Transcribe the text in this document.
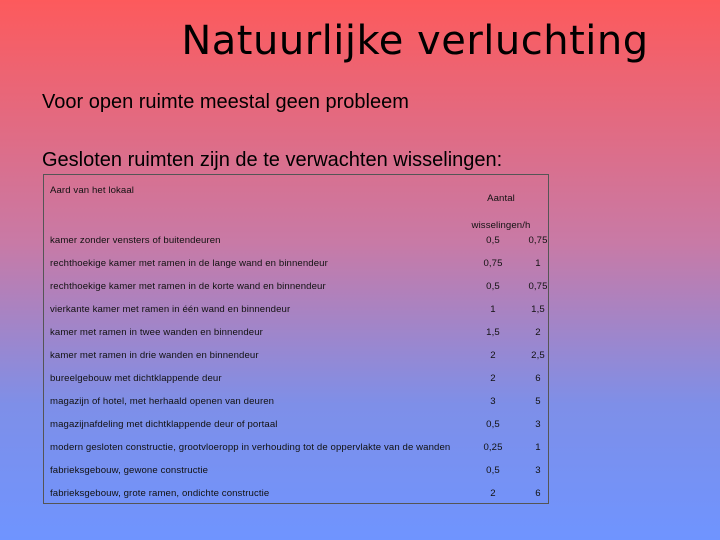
Natuurlijke verluchting
Voor open ruimte meestal geen probleem
Gesloten ruimten zijn de te verwachten wisselingen:
Aard van het lokaal
Aantal
wisselingen/h
kamer zonder vensters of buitendeuren	0,5	0,75
rechthoekige kamer met ramen in de lange wand en binnendeur	0,75	1
rechthoekige kamer met ramen in de korte wand en binnendeur	0,5	0,75
vierkante kamer met ramen in één wand en binnendeur	1	1,5
kamer met ramen in twee wanden en binnendeur	1,5	2
kamer met ramen in drie wanden en binnendeur	2	2,5
bureelgebouw met dichtklappende deur	2	6
magazijn of hotel, met herhaald openen van deuren	3	5
magazijnafdeling met dichtklappende deur of portaal	0,5	3
modern gesloten constructie, grootvloeropp in verhouding tot de oppervlakte van de wanden	0,25	1
fabrieksgebouw, gewone constructie	0,5	3
fabrieksgebouw, grote ramen, ondichte constructie	2	6
